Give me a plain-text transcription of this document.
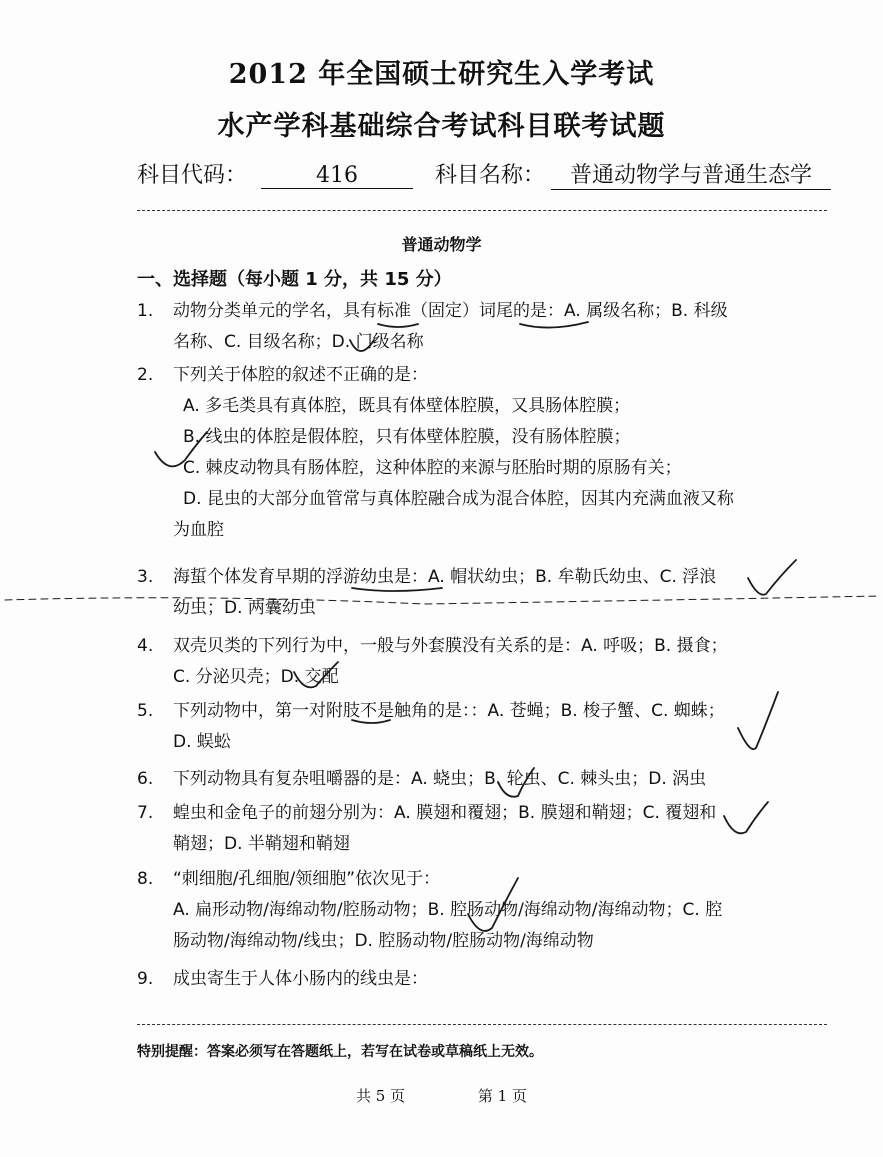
2012 年全国硕士研究生入学考试
水产学科基础综合考试科目联考试题
科目代码：	416	科目名称： 普通动物学与普通生态学
普通动物学
一、选择题（每小题 1 分，共 15 分）
1. 动物分类单元的学名，具有标准（固定）词尾的是：A. 属级名称；B. 科级
名称、C. 目级名称；D. 门级名称
2. 下列关于体腔的叙述不正确的是：
A. 多毛类具有真体腔，既具有体壁体腔膜，又具肠体腔膜；
B. 线虫的体腔是假体腔，只有体壁体腔膜，没有肠体腔膜；
C. 棘皮动物具有肠体腔，这种体腔的来源与胚胎时期的原肠有关；
D. 昆虫的大部分血管常与真体腔融合成为混合体腔，因其内充满血液又称
为血腔
3. 海蜇个体发育早期的浮游幼虫是：A. 帽状幼虫；B. 牟勒氏幼虫、C. 浮浪
幼虫；D. 两囊幼虫
4. 双壳贝类的下列行为中，一般与外套膜没有关系的是：A. 呼吸；B. 摄食；
C. 分泌贝壳；D. 交配
5. 下列动物中，第一对附肢不是触角的是：：A. 苍蝇；B. 梭子蟹、C. 蜘蛛；
D. 蜈蚣
6. 下列动物具有复杂咀嚼器的是：A. 蛲虫；B. 轮虫、C. 棘头虫；D. 涡虫
7. 蝗虫和金龟子的前翅分别为：A. 膜翅和覆翅；B. 膜翅和鞘翅；C. 覆翅和
鞘翅；D. 半鞘翅和鞘翅
8. “刺细胞/孔细胞/领细胞”依次见于：
A. 扁形动物/海绵动物/腔肠动物；B. 腔肠动物/海绵动物/海绵动物；C. 腔
肠动物/海绵动物/线虫；D. 腔肠动物/腔肠动物/海绵动物
9. 成虫寄生于人体小肠内的线虫是：
特别提醒：答案必须写在答题纸上，若写在试卷或草稿纸上无效。
共 5 页	第 1 页
